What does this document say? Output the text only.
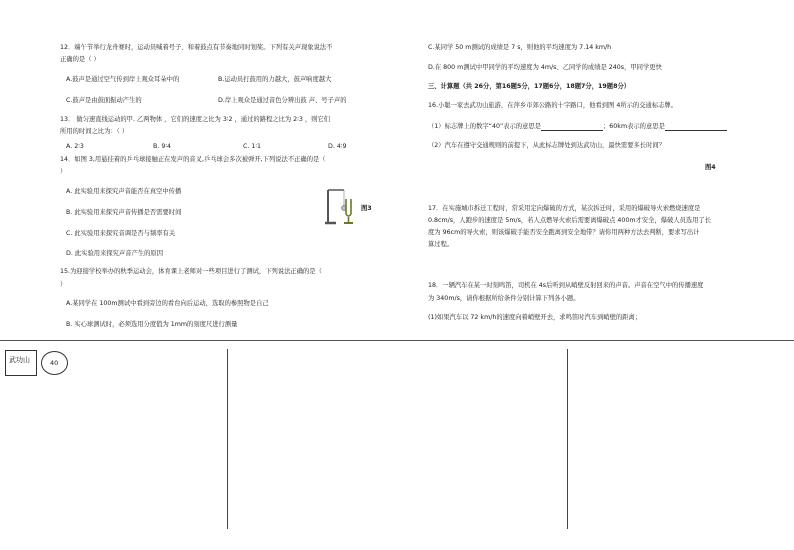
12．端午节举行龙舟赛时，运动员喊着号子、和着鼓点有节奏地同时划桨。下列有关声现象说法不
正确的是（ ）
A.鼓声是通过空气传到岸上观众耳朵中的	B.运动员打鼓用的力越大，鼓声响度越大
C.鼓声是由鼓面振动产生的	D.岸上观众是通过音色分辨出鼓 声、号子声的
13． 做匀速直线运动的甲. 乙两物体 ，它们的速度之比为 3∶2 ，通过的路程之比为 2∶3 ，则它们
所用的时间之比为：（ ）
A. 2∶3	B. 9∶4	C. 1∶1	D. 4∶9
14．如图 3,用悬挂着的乒乓球接触正在发声的音叉,乒乓球会多次被弹开,下列说法不正确的是（
）
A. 此实验用来探究声音能否在真空中传播
B. 此实验用来探究声音传播是否需要时间
C. 此实验用来探究音调是否与频率有关
D. 此实验用来探究声音产生的原因
图3
15.为迎接学校举办的秋季运动会，体育课上老师对一些项目进行了测试，下列说法正确的是（
）
A.某同学在 100m测试中看到旁边的看台向后运动，选取的参照物是自己
B. 实心球测试时，必须选用分度值为 1mm的刻度尺进行测量
C.某同学 50 m测试的成绩是 7 s，则他的平均速度为 7.14 km/h
D.在 800 m测试中甲同学的平均速度为 4m/s、乙同学的成绩是 240s，甲同学更快
三、计算题（共 26分，第16题5分，17题6分，18题7分，19题8分）
16.小聪一家去武功山旅游，在萍乡市郊公路的十字路口，他看到图 4所示的交通标志牌。
（1）标志牌上的数字“40”表示的意思是	；60km表示的意思是
（2）汽车在遵守交通规则的前提下，从此标志牌处到达武功山，最快需要多长时间？
图4
17．在实施城市拆迁工程时，常采用定向爆破的方式，某次拆迁时，采用的爆破导火索燃烧速度是
0.8cm/s，人跑步的速度是 5m/s，若人点燃导火索后需要离爆破点 400m才安全，爆破人员选用了长
度为 96cm的导火索，则该爆破手能否安全跑离到安全地带？请你用两种方法去判断，要求写出计
算过程。
18．一辆汽车在某一时刻鸣笛，司机在 4s后听到从峭壁反射回来的声音。声音在空气中的传播速度
为 340m/s，请你根据所给条件分别计算下列各小题。
(1)如果汽车以 72 km/h的速度向着峭壁开去，求鸣笛时汽车到峭壁的距离；
武功山	40
